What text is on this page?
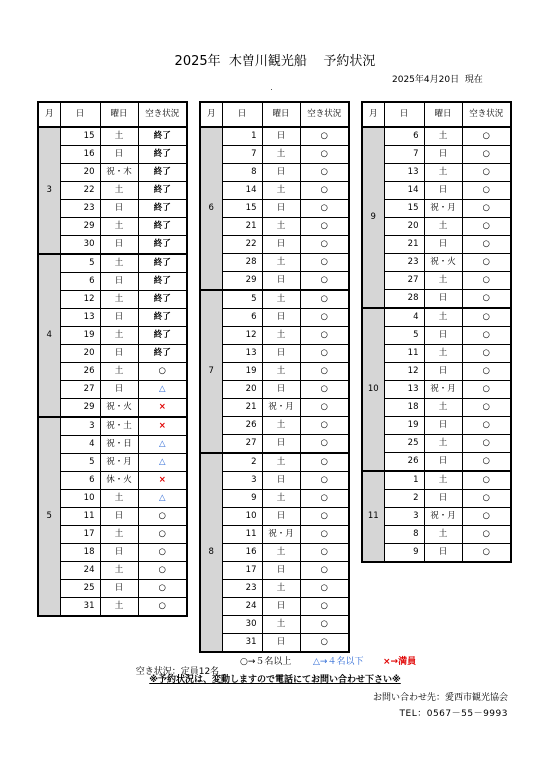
2025年  木曽川観光船    予約状況
2025年4月20日  現在
月	日	曜日	空き状況
3	15	土	終了
	16	日	終了
	20	祝・木	終了
	22	土	終了
	23	日	終了
	29	土	終了
	30	日	終了
4	5	土	終了
	6	日	終了
	12	土	終了
	13	日	終了
	19	土	終了
	20	日	終了
	26	土	○
	27	日	△
	29	祝・火	×
5	3	祝・土	×
	4	祝・日	△
	5	祝・月	△
	6	休・火	×
	10	土	△
	11	日	○
	17	土	○
	18	日	○
	24	土	○
	25	日	○
	31	土	○
月	日	曜日	空き状況
6	1	日	○
	7	土	○
	8	日	○
	14	土	○
	15	日	○
	21	土	○
	22	日	○
	28	土	○
	29	日	○
7	5	土	○
	6	日	○
	12	土	○
	13	日	○
	19	土	○
	20	日	○
	21	祝・月	○
	26	土	○
	27	日	○
8	2	土	○
	3	日	○
	9	土	○
	10	日	○
	11	祝・月	○
	16	土	○
	17	日	○
	23	土	○
	24	日	○
	30	土	○
	31	日	○
月	日	曜日	空き状況
9	6	土	○
	7	日	○
	13	土	○
	14	日	○
	15	祝・月	○
	20	土	○
	21	日	○
	23	祝・火	○
	27	土	○
	28	日	○
10	4	土	○
	5	日	○
	11	土	○
	12	日	○
	13	祝・月	○
	18	土	○
	19	日	○
	25	土	○
	26	日	○
11	1	土	○
	2	日	○
	3	祝・月	○
	8	土	○
	9	日	○

空き状況：定員12名

○→５名以上 △→４名以下 ×→満員
※予約状況は、変動しますので電話にてお問い合わせ下さい※
お問い合わせ先：愛西市観光協会
TEL：0567－55－9993
